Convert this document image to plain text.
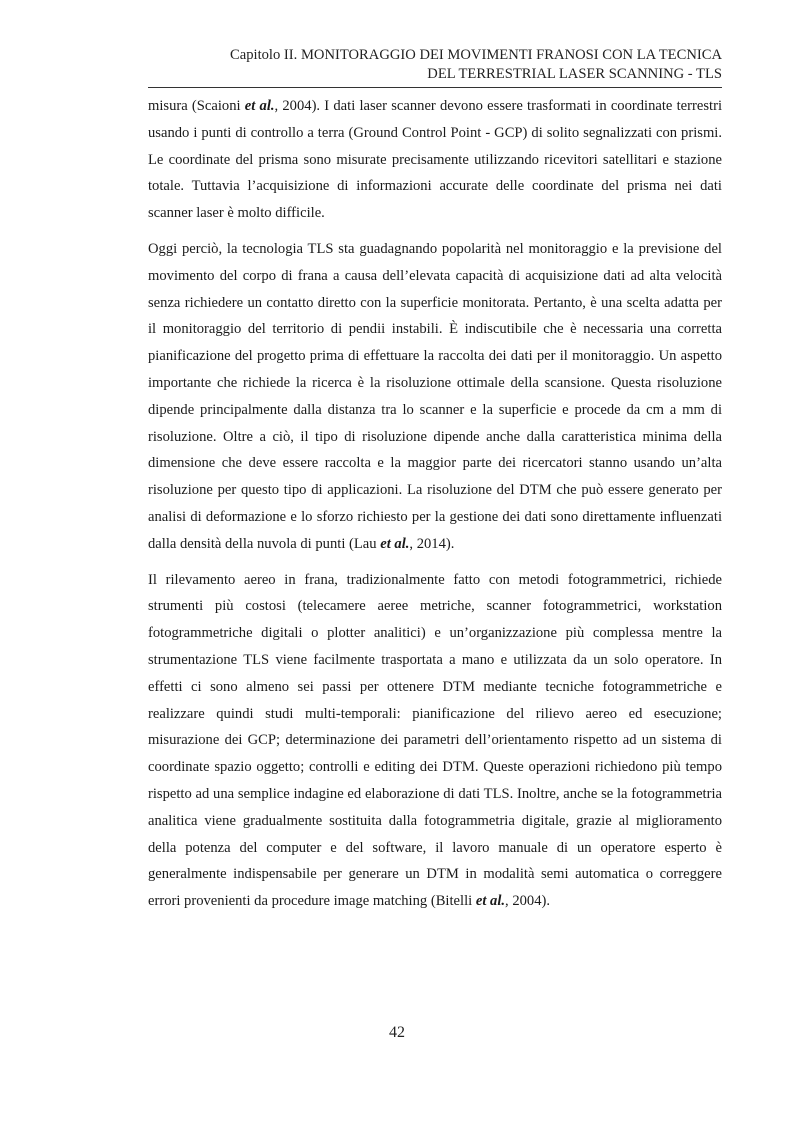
Capitolo II. MONITORAGGIO DEI MOVIMENTI FRANOSI CON LA TECNICA
DEL TERRESTRIAL LASER SCANNING - TLS

misura (Scaioni et al., 2004). I dati laser scanner devono essere trasformati in coordinate terrestri usando i punti di controllo a terra (Ground Control Point - GCP) di solito segnalizzati con prismi. Le coordinate del prisma sono misurate precisamente utilizzando ricevitori satellitari e stazione totale. Tuttavia l’acquisizione di informazioni accurate delle coordinate del prisma nei dati scanner laser è molto difficile.

Oggi perciò, la tecnologia TLS sta guadagnando popolarità nel monitoraggio e la previsione del movimento del corpo di frana a causa dell’elevata capacità di acquisizione dati ad alta velocità senza richiedere un contatto diretto con la superficie monitorata. Pertanto, è una scelta adatta per il monitoraggio del territorio di pendii instabili. È indiscutibile che è necessaria una corretta pianificazione del progetto prima di effettuare la raccolta dei dati per il monitoraggio. Un aspetto importante che richiede la ricerca è la risoluzione ottimale della scansione. Questa risoluzione dipende principalmente dalla distanza tra lo scanner e la superficie e procede da cm a mm di risoluzione. Oltre a ciò, il tipo di risoluzione dipende anche dalla caratteristica minima della dimensione che deve essere raccolta e la maggior parte dei ricercatori stanno usando un’alta risoluzione per questo tipo di applicazioni. La risoluzione del DTM che può essere generato per analisi di deformazione e lo sforzo richiesto per la gestione dei dati sono direttamente influenzati dalla densità della nuvola di punti (Lau et al., 2014).

Il rilevamento aereo in frana, tradizionalmente fatto con metodi fotogrammetrici, richiede strumenti più costosi (telecamere aeree metriche, scanner fotogrammetrici, workstation fotogrammetriche digitali o plotter analitici) e un’organizzazione più complessa mentre la strumentazione TLS viene facilmente trasportata a mano e utilizzata da un solo operatore. In effetti ci sono almeno sei passi per ottenere DTM mediante tecniche fotogrammetriche e realizzare quindi studi multi-temporali: pianificazione del rilievo aereo ed esecuzione; misurazione dei GCP; determinazione dei parametri dell’orientamento rispetto ad un sistema di coordinate spazio oggetto; controlli e editing dei DTM. Queste operazioni richiedono più tempo rispetto ad una semplice indagine ed elaborazione di dati TLS. Inoltre, anche se la fotogrammetria analitica viene gradualmente sostituita dalla fotogrammetria digitale, grazie al miglioramento della potenza del computer e del software, il lavoro manuale di un operatore esperto è generalmente indispensabile per generare un DTM in modalità semi automatica o correggere errori provenienti da procedure image matching (Bitelli et al., 2004).

42
